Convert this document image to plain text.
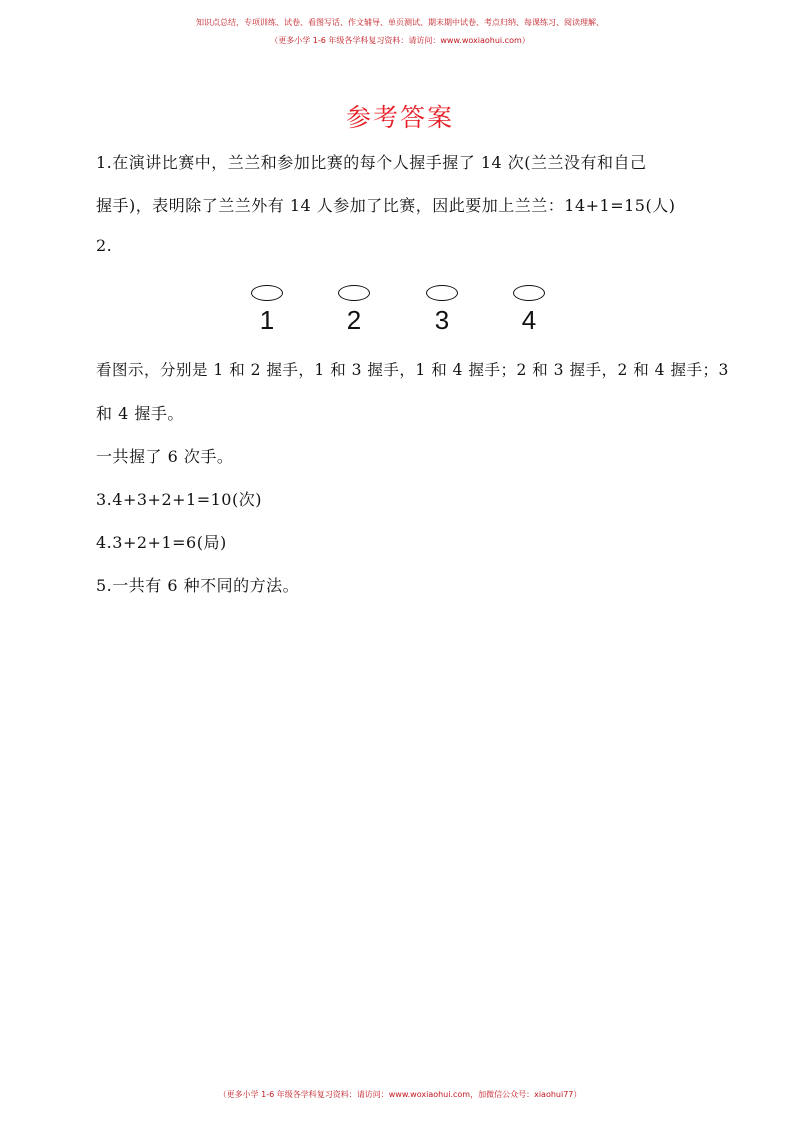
知识点总结，专项训练、试卷、看图写话、作文辅导、单页测试、期末期中试卷、考点归纳、每课练习、阅读理解、
（更多小学 1-6 年级各学科复习资料：请访问：www.woxiaohui.com）
参考答案
1.在演讲比赛中，兰兰和参加比赛的每个人握手握了 14 次(兰兰没有和自己
握手)，表明除了兰兰外有 14 人参加了比赛，因此要加上兰兰：14+1=15(人)
2.
1	2	3	4
看图示，分别是 1 和 2 握手，1 和 3 握手，1 和 4 握手；2 和 3 握手，2 和 4 握手；3
和 4 握手。
一共握了 6 次手。
3.4+3+2+1=10(次)
4.3+2+1=6(局)
5.一共有 6 种不同的方法。
（更多小学 1-6 年级各学科复习资料：请访问：www.woxiaohui.com，加微信公众号：xiaohui77）
